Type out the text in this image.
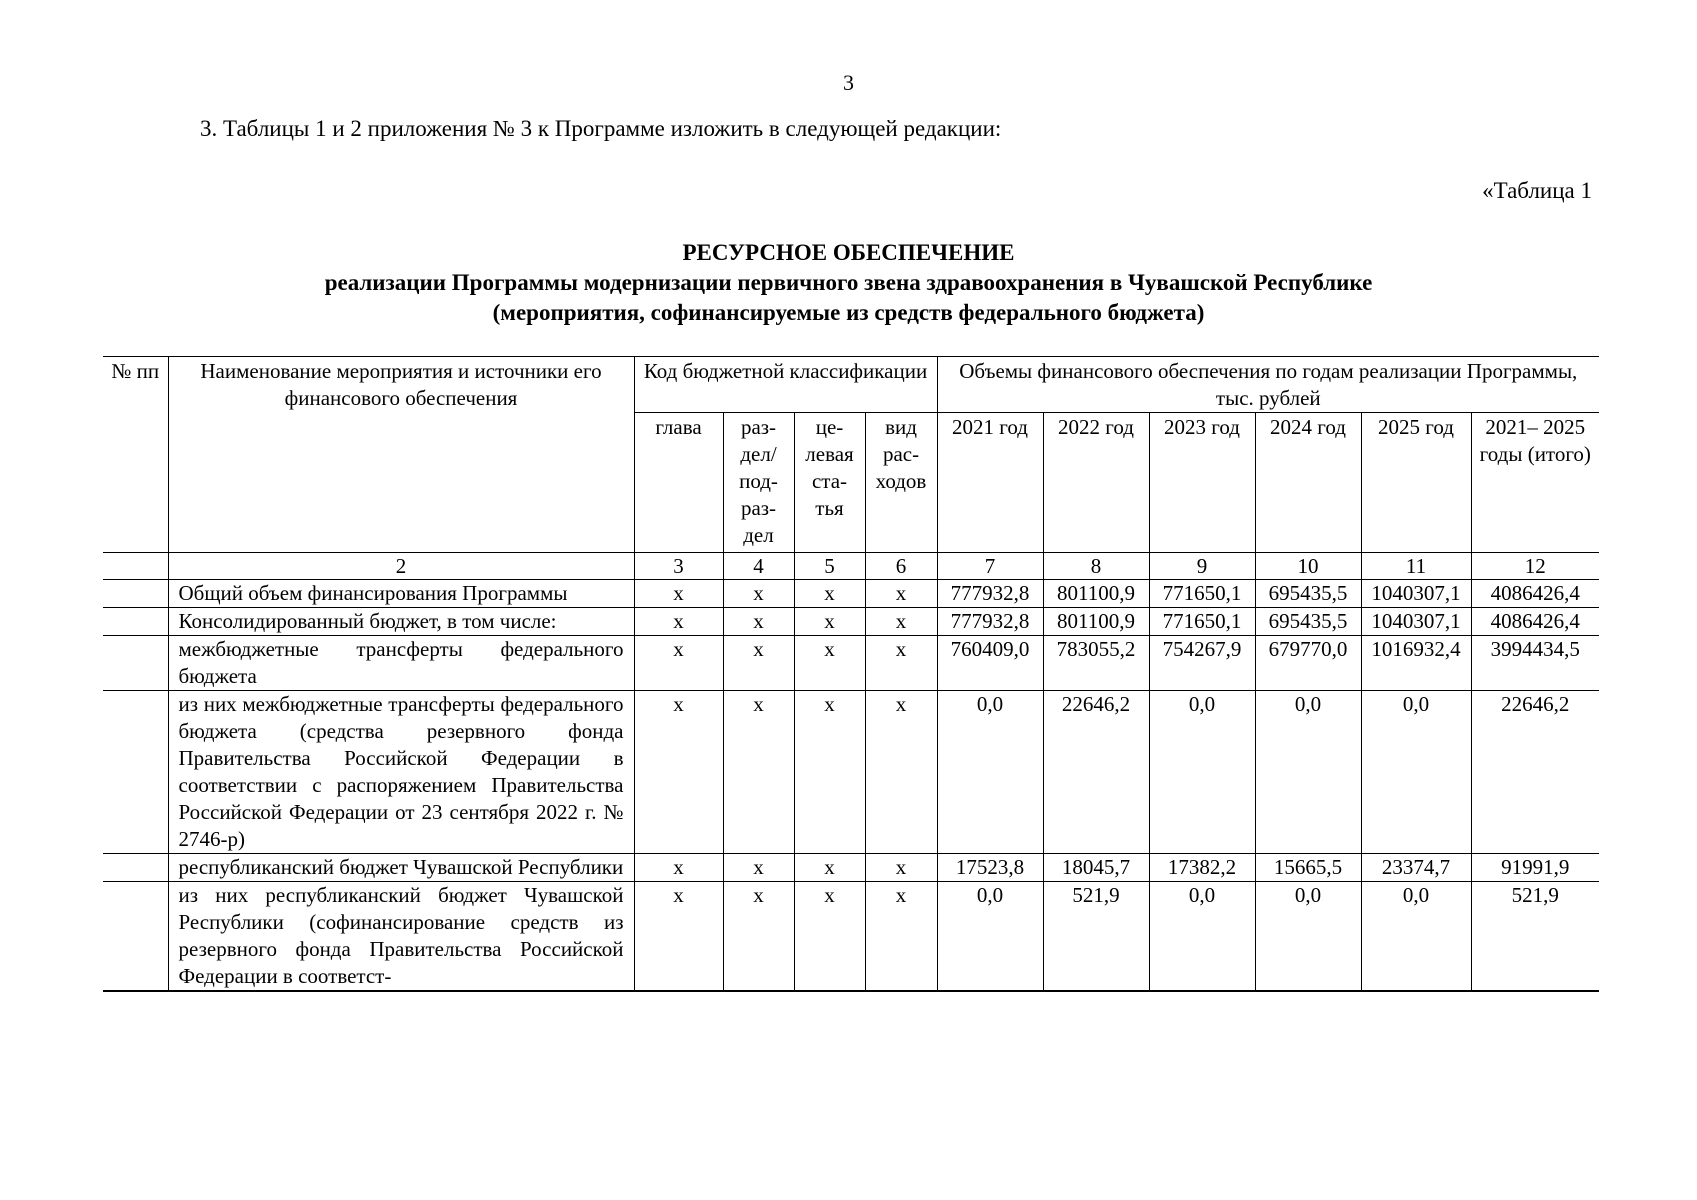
3
3. Таблицы 1 и 2 приложения № 3 к Программе изложить в следующей редакции:
«Таблица 1
РЕСУРСНОЕ ОБЕСПЕЧЕНИЕ
реализации Программы модернизации первичного звена здравоохранения в Чувашской Республике
(мероприятия, софинансируемые из средств федерального бюджета)
№ пп	Наименование мероприятия и источники его финансового обеспечения	Код бюджетной классификации				Объемы финансового обеспечения по годам реализации Программы, тыс. рублей					
		глава	раз-дел/ под-раз-дел	це-левая ста-тья	вид рас-ходов	2021 год	2022 год	2023 год	2024 год	2025 год	2021– 2025 годы (итого)
	2	3	4	5	6	7	8	9	10	11	12
	Общий объем финансирования Программы	х	х	х	х	777932,8	801100,9	771650,1	695435,5	1040307,1	4086426,4
	Консолидированный бюджет, в том числе:	х	х	х	х	777932,8	801100,9	771650,1	695435,5	1040307,1	4086426,4
	межбюджетные трансферты федерального бюджета	х	х	х	х	760409,0	783055,2	754267,9	679770,0	1016932,4	3994434,5
	из них межбюджетные трансферты федерального бюджета (средства резервного фонда Правительства Российской Федерации в соответствии с распоряжением Правительства Российской Федерации от 23 сентября 2022 г. № 2746-р)	х	х	х	х	0,0	22646,2	0,0	0,0	0,0	22646,2
	республиканский бюджет Чувашской Республики	х	х	х	х	17523,8	18045,7	17382,2	15665,5	23374,7	91991,9
	из них республиканский бюджет Чувашской Республики (софинансирование средств из резервного фонда Правительства Российской Федерации в соответст-	х	х	х	х	0,0	521,9	0,0	0,0	0,0	521,9
